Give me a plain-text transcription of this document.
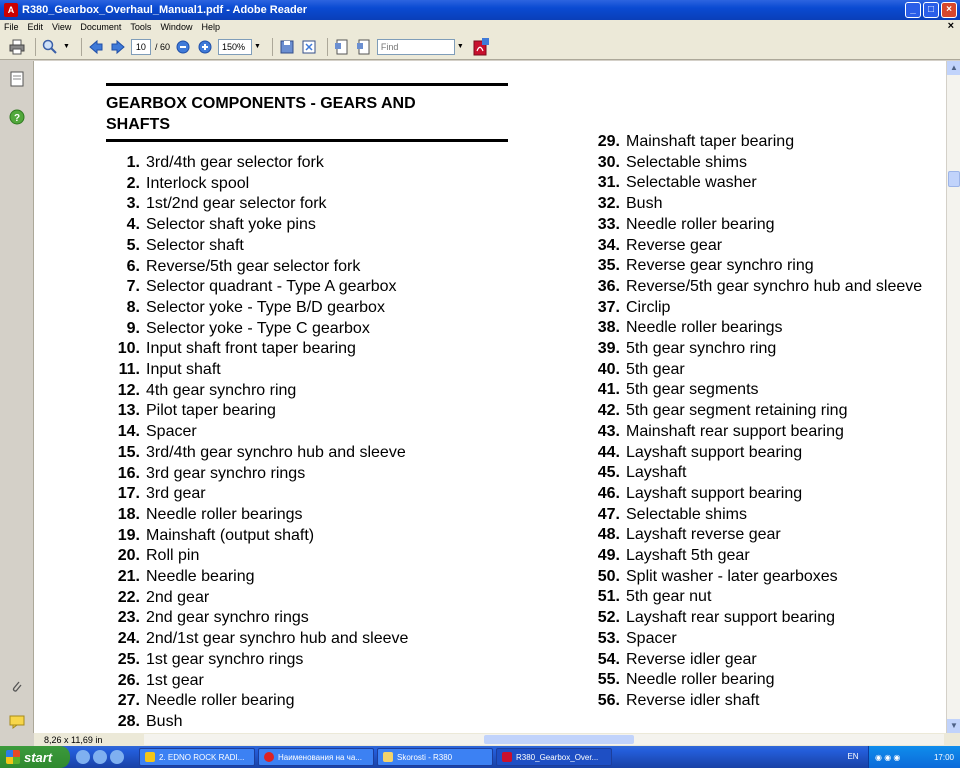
A R380_Gearbox_Overhaul_Manual1.pdf - Adobe Reader	_	□	×
File Edit View Document Tools Window Help	×
▼
10	/ 60
150%	▼
Find	▼
?
GEARBOX COMPONENTS - GEARS AND
SHAFTS
1. 3rd/4th gear selector fork
2. Interlock spool
3. 1st/2nd gear selector fork
4. Selector shaft yoke pins
5. Selector shaft
6. Reverse/5th gear selector fork
7. Selector quadrant - Type A gearbox
8. Selector yoke - Type B/D gearbox
9. Selector yoke - Type C gearbox
10. Input shaft front taper bearing
11. Input shaft
12. 4th gear synchro ring
13. Pilot taper bearing
14. Spacer
15. 3rd/4th gear synchro hub and sleeve
16. 3rd gear synchro rings
17. 3rd gear
18. Needle roller bearings
19. Mainshaft (output shaft)
20. Roll pin
21. Needle bearing
22. 2nd gear
23. 2nd gear synchro rings
24. 2nd/1st gear synchro hub and sleeve
25. 1st gear synchro rings
26. 1st gear
27. Needle roller bearing
28. Bush
29. Mainshaft taper bearing
30. Selectable shims
31. Selectable washer
32. Bush
33. Needle roller bearing
34. Reverse gear
35. Reverse gear synchro ring
36. Reverse/5th gear synchro hub and sleeve
37. Circlip
38. Needle roller bearings
39. 5th gear synchro ring
40. 5th gear
41. 5th gear segments
42. 5th gear segment retaining ring
43. Mainshaft rear support bearing
44. Layshaft support bearing
45. Layshaft
46. Layshaft support bearing
47. Selectable shims
48. Layshaft reverse gear
49. Layshaft 5th gear
50. Split washer - later gearboxes
51. 5th gear nut
52. Layshaft rear support bearing
53. Spacer
54. Reverse idler gear
55. Needle roller bearing
56. Reverse idler shaft
▲
▼
8,26 x 11,69 in
start	2. EDNO ROCK RADI...	Наименования на ча...	Skorosti - R380	R380_Gearbox_Over...	EN	◉ ◉ ◉	17:00
